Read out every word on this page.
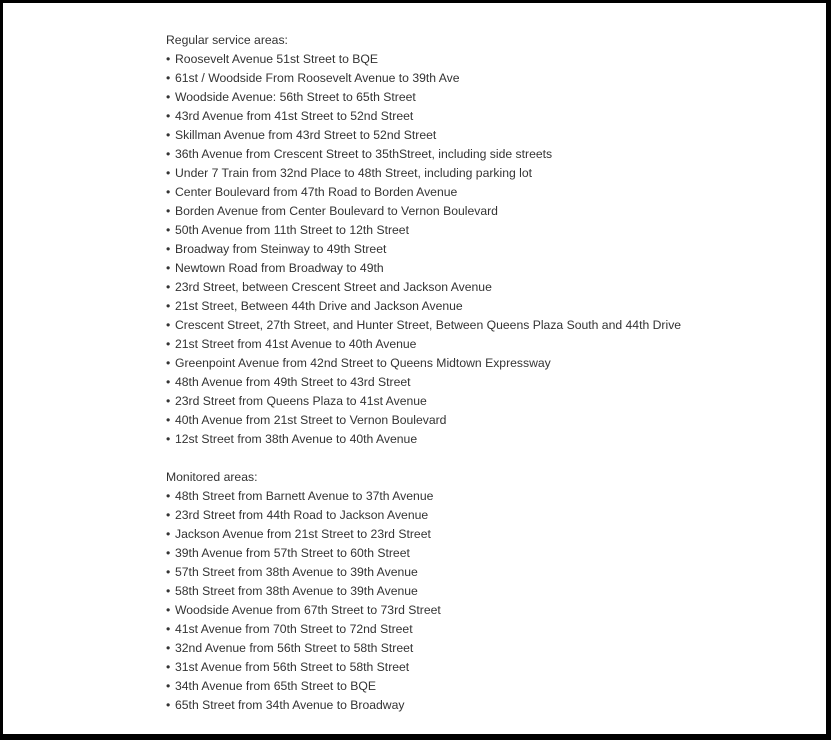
Regular service areas:
• Roosevelt Avenue 51st Street to BQE
• 61st / Woodside From Roosevelt Avenue to 39th Ave
• Woodside Avenue: 56th Street to 65th Street
• 43rd Avenue from 41st Street to 52nd Street
• Skillman Avenue from 43rd Street to 52nd Street
• 36th Avenue from Crescent Street to 35thStreet, including side streets
• Under 7 Train from 32nd Place to 48th Street, including parking lot
• Center Boulevard from 47th Road to Borden Avenue
• Borden Avenue from Center Boulevard to Vernon Boulevard
• 50th Avenue from 11th Street to 12th Street
• Broadway from Steinway to 49th Street
• Newtown Road from Broadway to 49th
• 23rd Street, between Crescent Street and Jackson Avenue
• 21st Street, Between 44th Drive and Jackson Avenue
• Crescent Street, 27th Street, and Hunter Street, Between Queens Plaza South and 44th Drive
• 21st Street from 41st Avenue to 40th Avenue
• Greenpoint Avenue from 42nd Street to Queens Midtown Expressway
• 48th Avenue from 49th Street to 43rd Street
• 23rd Street from Queens Plaza to 41st Avenue
• 40th Avenue from 21st Street to Vernon Boulevard
• 12st Street from 38th Avenue to 40th Avenue
Monitored areas:
• 48th Street from Barnett Avenue to 37th Avenue
• 23rd Street from 44th Road to Jackson Avenue
• Jackson Avenue from 21st Street to 23rd Street
• 39th Avenue from 57th Street to 60th Street
• 57th Street from 38th Avenue to 39th Avenue
• 58th Street from 38th Avenue to 39th Avenue
• Woodside Avenue from 67th Street to 73rd Street
• 41st Avenue from 70th Street to 72nd Street
• 32nd Avenue from 56th Street to 58th Street
• 31st Avenue from 56th Street to 58th Street
• 34th Avenue from 65th Street to BQE
• 65th Street from 34th Avenue to Broadway
